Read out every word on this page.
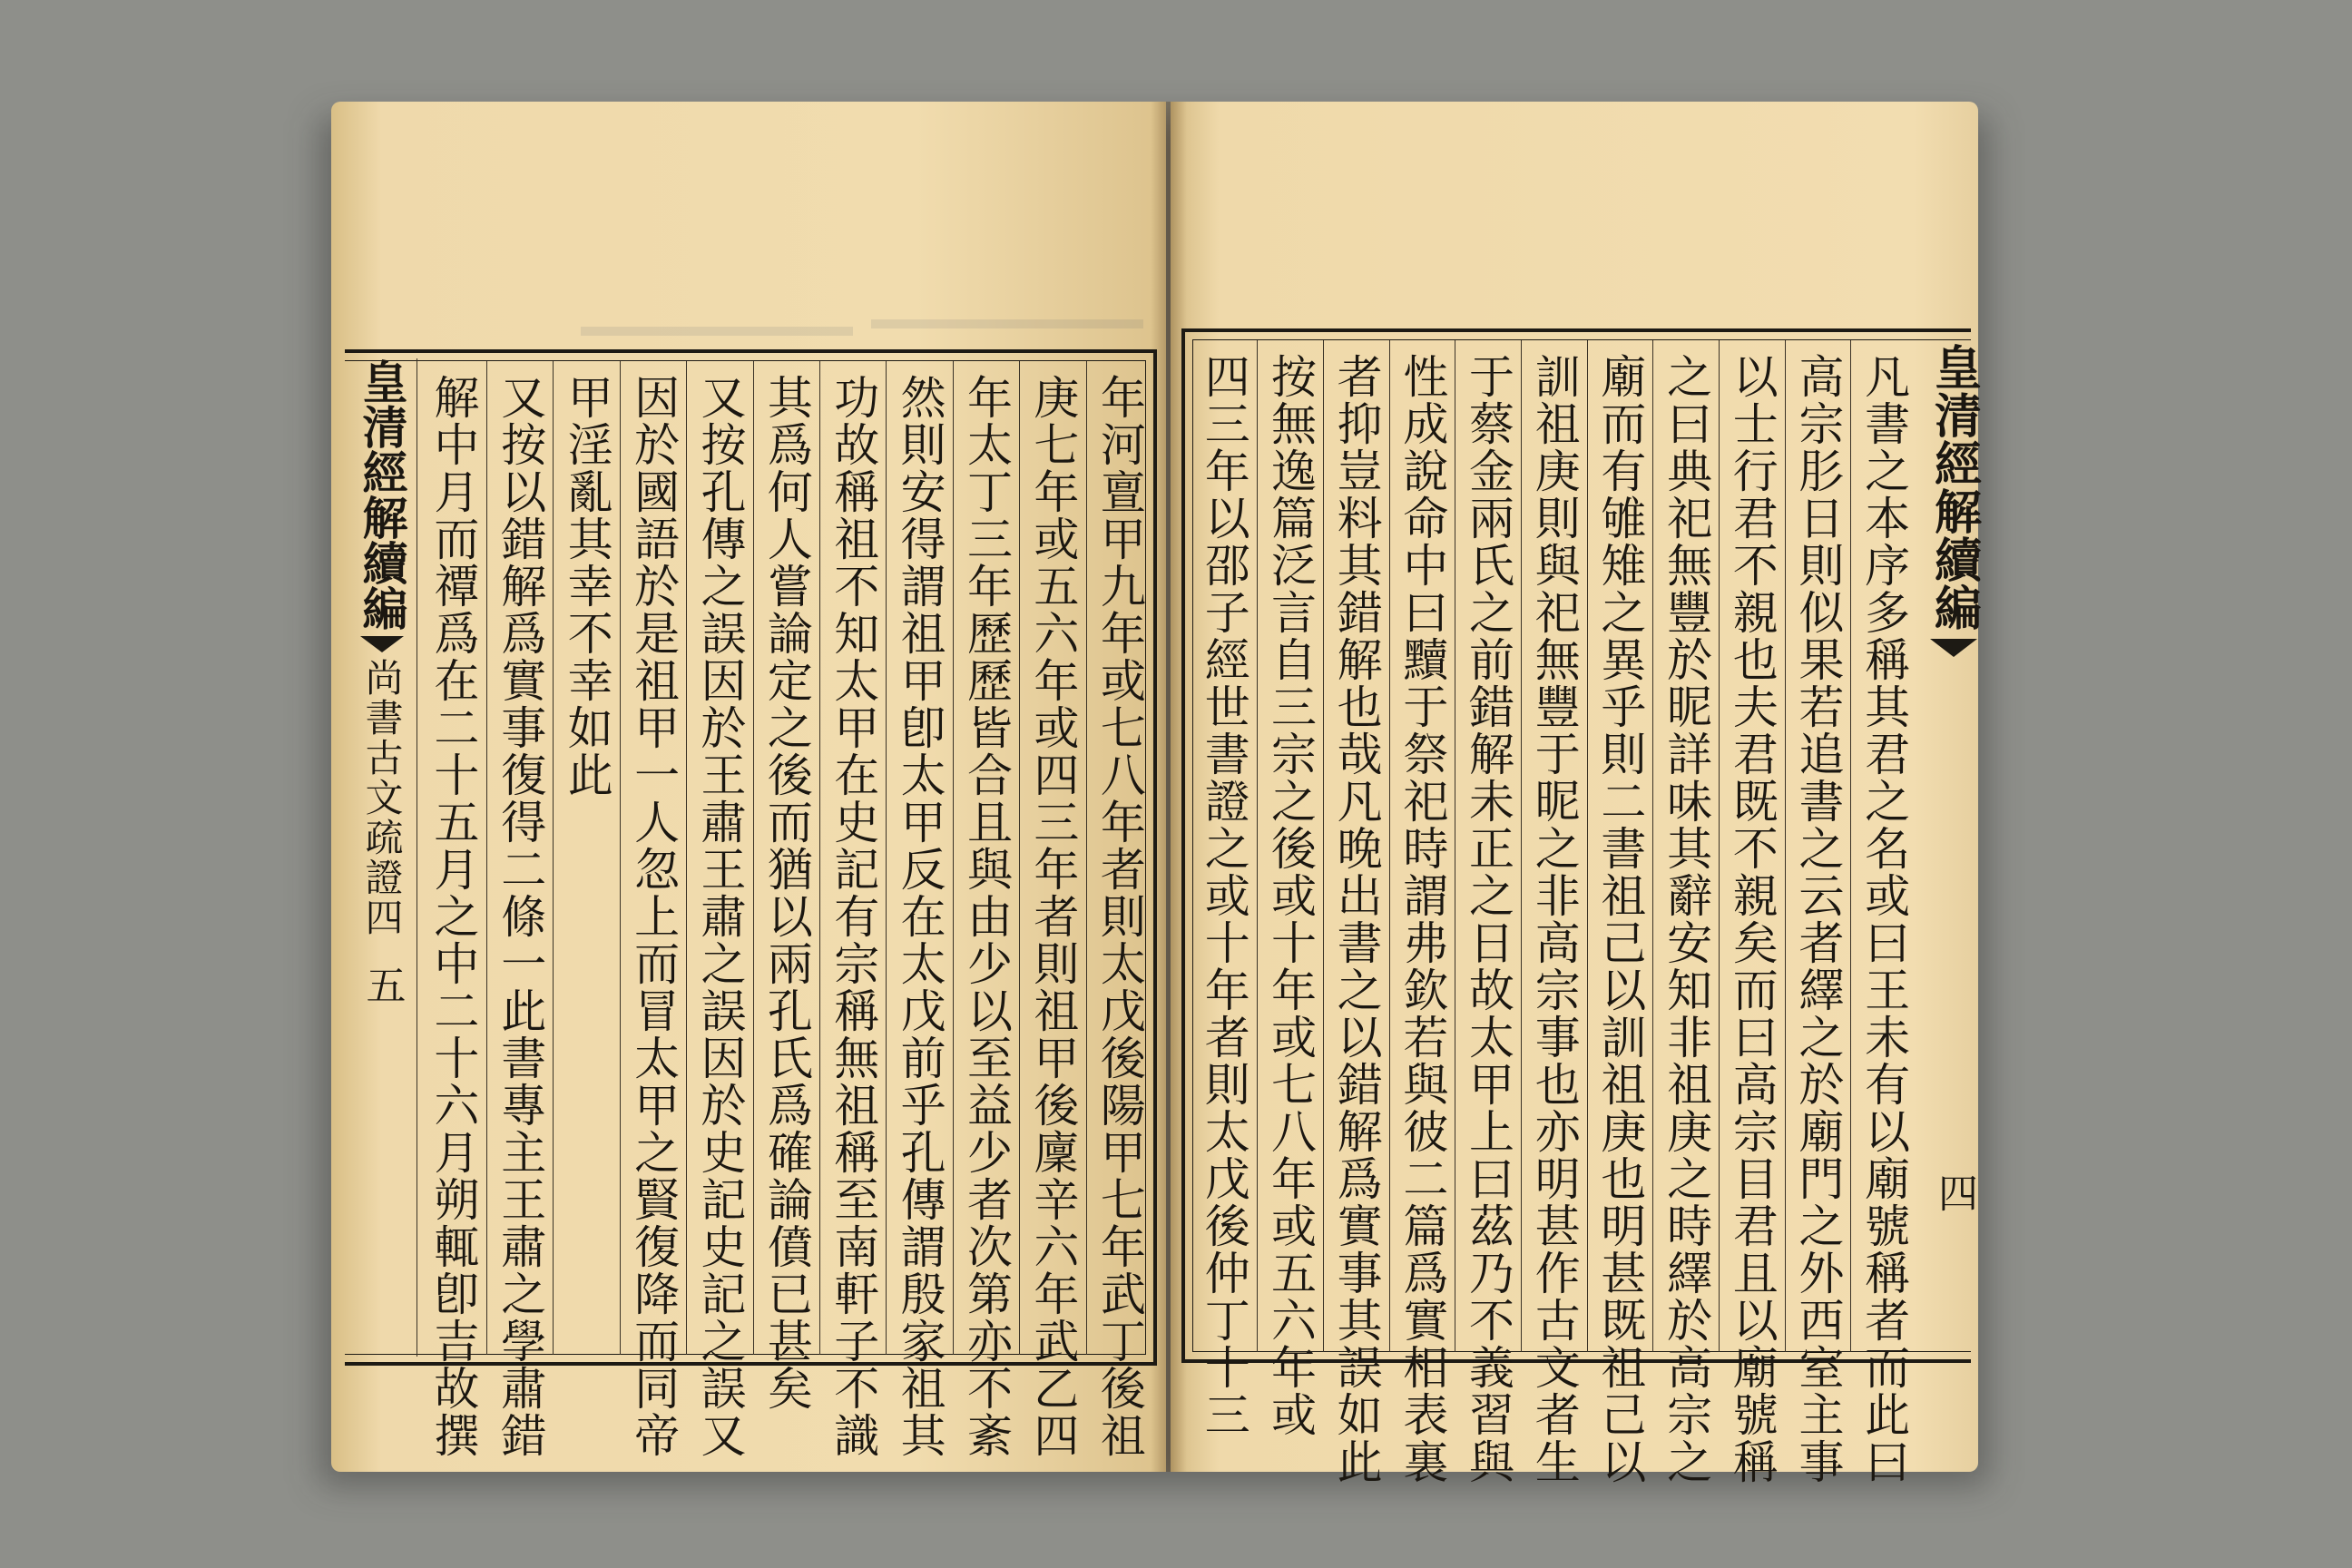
年河亶甲九年或七八年者則太戊後陽甲七年武丁後祖
庚七年或五六年或四三年者則祖甲後廩辛六年武乙四
年太丁三年歷歷皆合且與由少以至益少者次第亦不紊
然則安得謂祖甲卽太甲反在太戊前乎孔傳謂殷家祖其
功故稱祖不知太甲在史記有宗稱無祖稱至南軒子不識
其爲何人嘗論定之後而猶以兩孔氏爲確論僨已甚矣
又按孔傳之誤因於王肅王肅之誤因於史記史記之誤又
因於國語於是祖甲一人忽上而冒太甲之賢復降而同帝
甲淫亂其幸不幸如此
又按以錯解爲實事復得二條一此書專主王肅之學肅錯
解中月而禫爲在二十五月之中二十六月朔輒卽吉故撰	皇清經解續編
四
凡書之本序多稱其君之名或曰王未有以廟號稱者而此曰
高宗肜日則似果若追書之云者繹之於廟門之外西室主事
以士行君不親也夫君既不親矣而曰高宗目君且以廟號稱
之曰典祀無豐於昵詳味其辭安知非祖庚之時繹於高宗之
廟而有雊雉之異乎則二書祖己以訓祖庚也明甚既祖己以
訓祖庚則與祀無豐于昵之非高宗事也亦明甚作古文者生
于蔡金兩氏之前錯解未正之日故太甲上曰茲乃不義習與
性成說命中曰黷于祭祀時謂弗欽若與彼二篇爲實相表裏
者抑豈料其錯解也哉凡晚出書之以錯解爲實事其誤如此
按無逸篇泛言自三宗之後或十年或七八年或五六年或
四三年以邵子經世書證之或十年者則太戊後仲丁十三
皇清經解續編
尚書古文疏證四
五
